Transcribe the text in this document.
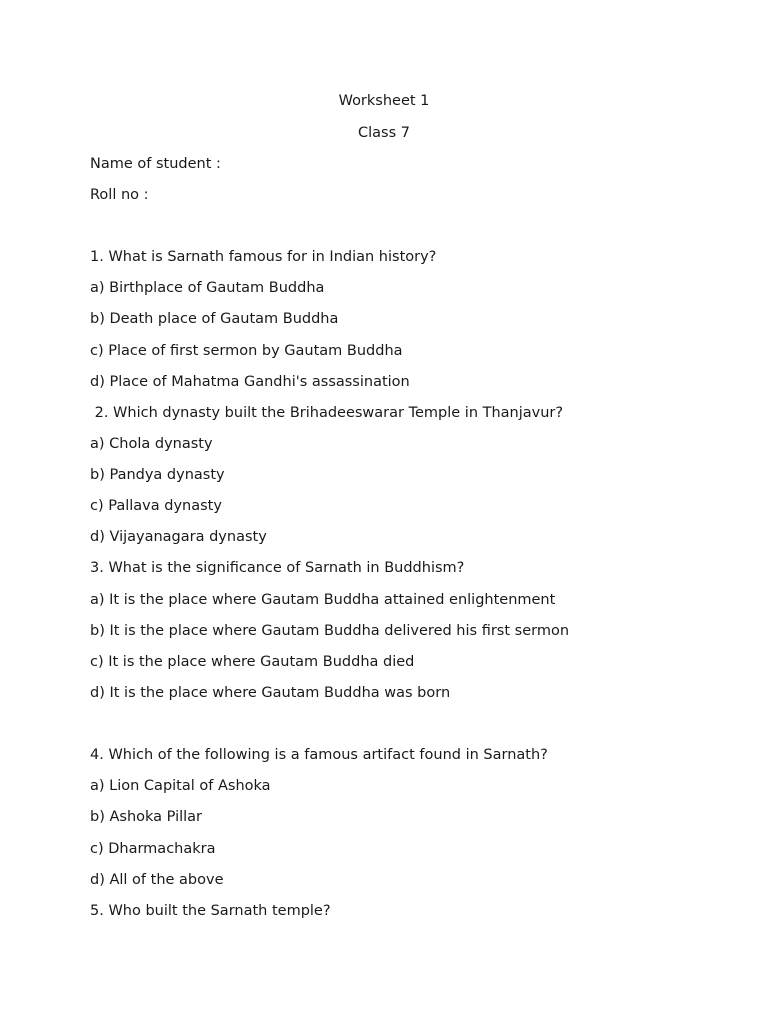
Worksheet 1
Class 7
Name of student :
Roll no :
1. What is Sarnath famous for in Indian history?
a) Birthplace of Gautam Buddha
b) Death place of Gautam Buddha
c) Place of first sermon by Gautam Buddha
d) Place of Mahatma Gandhi's assassination
2. Which dynasty built the Brihadeeswarar Temple in Thanjavur?
a) Chola dynasty
b) Pandya dynasty
c) Pallava dynasty
d) Vijayanagara dynasty
3. What is the significance of Sarnath in Buddhism?
a) It is the place where Gautam Buddha attained enlightenment
b) It is the place where Gautam Buddha delivered his first sermon
c) It is the place where Gautam Buddha died
d) It is the place where Gautam Buddha was born
4. Which of the following is a famous artifact found in Sarnath?
a) Lion Capital of Ashoka
b) Ashoka Pillar
c) Dharmachakra
d) All of the above
5. Who built the Sarnath temple?
